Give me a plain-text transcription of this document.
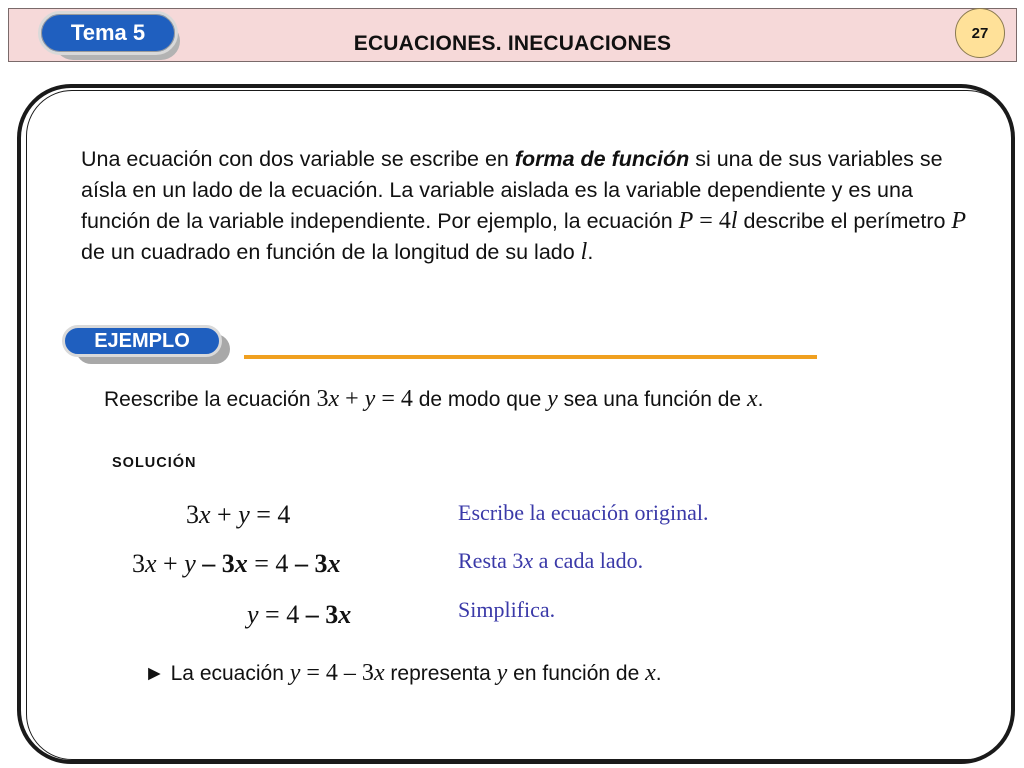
ECUACIONES. INECUACIONES
Tema 5	27

Una ecuación con dos variable se escribe en forma de función si una de sus variables se aísla en un lado de la ecuación. La variable aislada es la variable dependiente y es una función de la variable independiente. Por ejemplo, la ecuación P = 4l describe el perímetro P de un cuadrado en función de la longitud de su lado l.

EJEMPLO
Reescribe la ecuación 3x + y = 4 de modo que y sea una función de x.
SOLUCIÓN
3x + y = 4
3x + y – 3x = 4 – 3x
y = 4 – 3x
Escribe la ecuación original.
Resta 3x a cada lado.
Simplifica.
► La ecuación y = 4 – 3x representa y en función de x.
